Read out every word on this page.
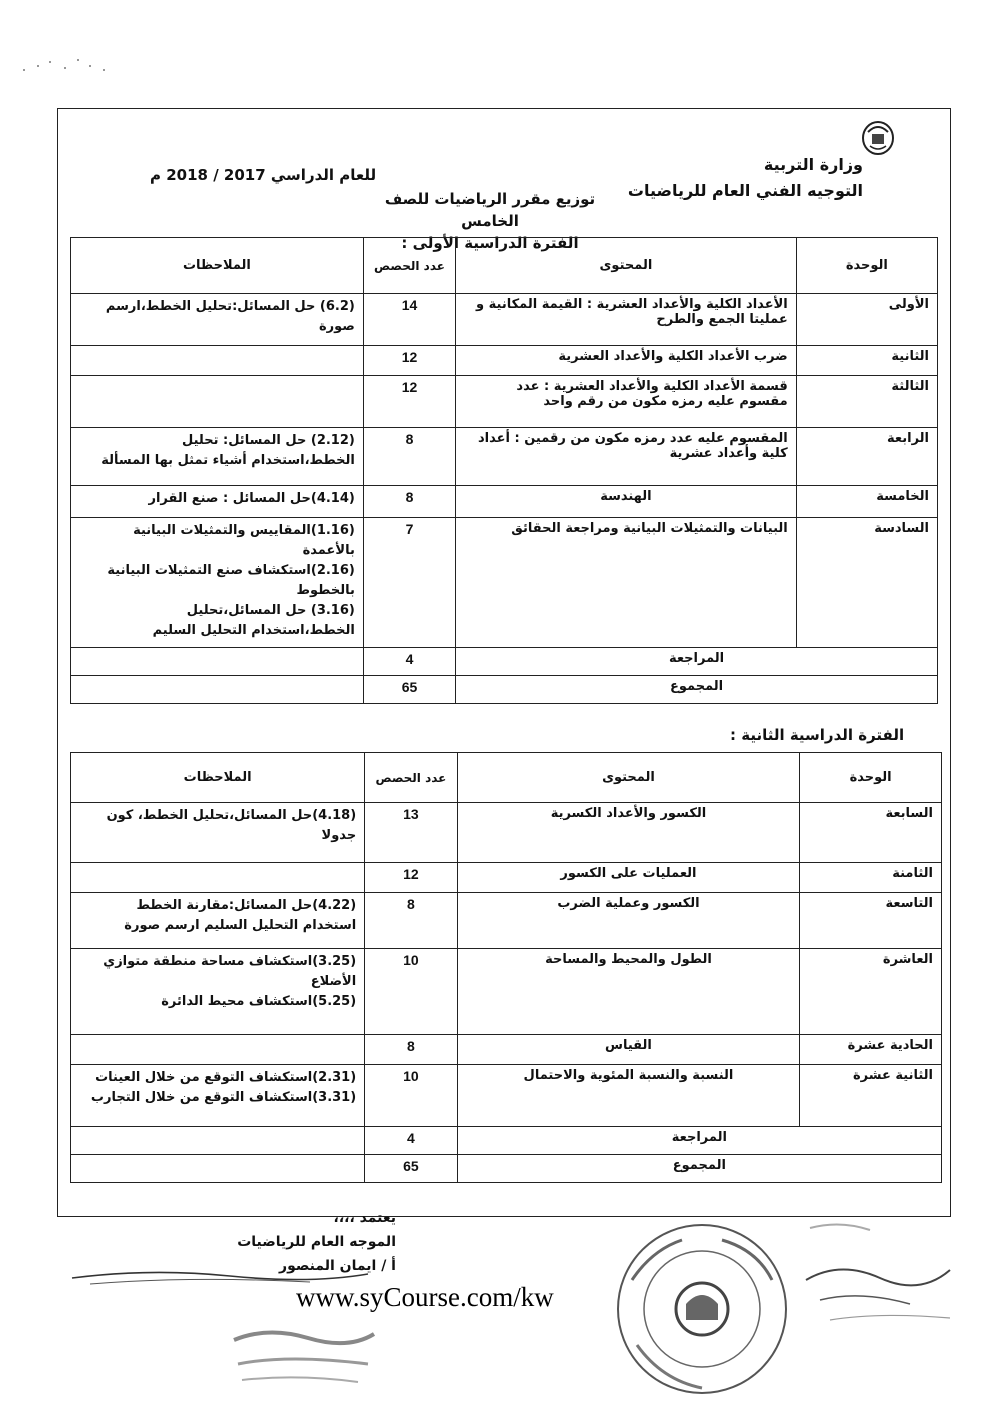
وزارة التربية
التوجيه الفني العام للرياضيات
للعام الدراسي 2017 / 2018 م
توزيع مقرر الرياضيات للصف الخامس
الفترة الدراسية الأولى :
الوحدة	المحتوى	عدد الحصص	الملاحظات
الأولى	الأعداد الكلية والأعداد العشرية : القيمة المكانية و عمليتا الجمع والطرح	14	(6.2) حل المسائل:تحليل الخطط،ارسم صورة

الثانية	ضرب الأعداد الكلية والأعداد العشرية	12	
الثالثة	قسمة الأعداد الكلية والأعداد العشرية : عدد مقسوم عليه رمزه مكون من رقم واحد	12	
الرابعة	المقسوم عليه عدد رمزه مكون من رقمين : أعداد كلية وأعداد عشرية	8	(2.12) حل المسائل: تحليل الخطط،استخدام أشياء تمثل بها المسألة

الخامسة	الهندسة	8	(4.14)حل المسائل : صنع القرار

السادسة	البيانات والتمثيلات البيانية ومراجعة الحقائق	7	(1.16)المقاييس والتمثيلات البيانية بالأعمدة
(2.16)استكشاف صنع التمثيلات البيانية بالخطوط
(3.16) حل المسائل،تحليل الخطط،استخدام التحليل السليم

المراجعة		4	
المجموع		65	
الفترة الدراسية الثانية :
الوحدة	المحتوى	عدد الحصص	الملاحظات
السابعة	الكسور والأعداد الكسرية	13	(4.18)حل المسائل،تحليل الخطط، كون جدولا

الثامنة	العمليات على الكسور	12	
التاسعة	الكسور وعملية الضرب	8	(4.22)حل المسائل:مقارنة الخطط استخدام التحليل السليم ارسم صورة

العاشرة	الطول والمحيط والمساحة	10	(3.25)استكشاف مساحة منطقة متوازي الأضلاع
(5.25)استكشاف محيط الدائرة

الحادية عشرة	القياس	8	
الثانية عشرة	النسبة والنسبة المئوية والاحتمال	10	(2.31)استكشاف التوقع من خلال العينات
(3.31)استكشاف التوقع من خلال التجارب

المراجعة		4	
المجموع		65	
يعتمد ،،،،
الموجه العام للرياضيات
أ / ايمان المنصور
www.syCourse.com/kw
